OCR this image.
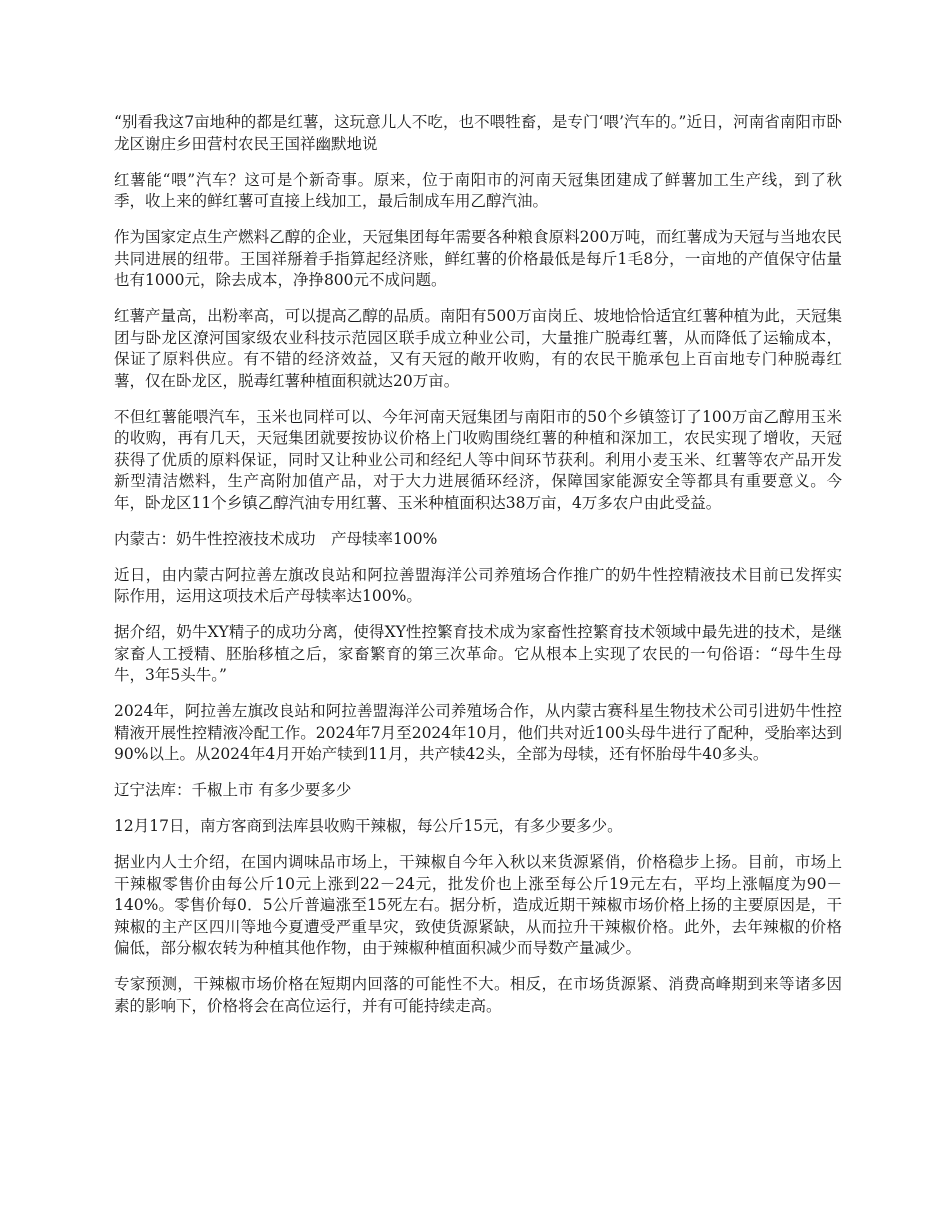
“别看我这7亩地种的都是红薯，这玩意儿人不吃，也不喂牲畜，是专门‘喂’汽车的。”近日，河南省南阳市卧龙区谢庄乡田营村农民王国祥幽默地说

红薯能“喂”汽车？这可是个新奇事。原来，位于南阳市的河南天冠集团建成了鲜薯加工生产线，到了秋季，收上来的鲜红薯可直接上线加工，最后制成车用乙醇汽油。

作为国家定点生产燃料乙醇的企业，天冠集团每年需要各种粮食原料200万吨，而红薯成为天冠与当地农民共同进展的纽带。王国祥掰着手指算起经济账，鲜红薯的价格最低是每斤1毛8分，一亩地的产值保守估量也有1000元，除去成本，净挣800元不成问题。

红薯产量高，出粉率高，可以提高乙醇的品质。南阳有500万亩岗丘、坡地恰恰适宜红薯种植为此，天冠集团与卧龙区潦河国家级农业科技示范园区联手成立种业公司，大量推广脱毒红薯，从而降低了运输成本，保证了原料供应。有不错的经济效益，又有天冠的敞开收购，有的农民干脆承包上百亩地专门种脱毒红薯，仅在卧龙区，脱毒红薯种植面积就达20万亩。

不但红薯能喂汽车，玉米也同样可以、今年河南天冠集团与南阳市的50个乡镇签订了100万亩乙醇用玉米的收购，再有几天，天冠集团就要按协议价格上门收购围绕红薯的种植和深加工，农民实现了增收，天冠获得了优质的原料保证，同时又让种业公司和经纪人等中间环节获利。利用小麦玉米、红薯等农产品开发新型清洁燃料，生产高附加值产品，对于大力进展循环经济，保障国家能源安全等都具有重要意义。今年，卧龙区11个乡镇乙醇汽油专用红薯、玉米种植面积达38万亩，4万多农户由此受益。

内蒙古：奶牛性控液技术成功　产母犊率100%

近日，由内蒙古阿拉善左旗改良站和阿拉善盟海洋公司养殖场合作推广的奶牛性控精液技术目前已发挥实际作用，运用这项技术后产母犊率达100%。

据介绍，奶牛XY精子的成功分离，使得XY性控繁育技术成为家畜性控繁育技术领域中最先进的技术，是继家畜人工授精、胚胎移植之后，家畜繁育的第三次革命。它从根本上实现了农民的一句俗语：“母牛生母牛，3年5头牛。”

2024年，阿拉善左旗改良站和阿拉善盟海洋公司养殖场合作，从内蒙古赛科星生物技术公司引进奶牛性控精液开展性控精液冷配工作。2024年7月至2024年10月，他们共对近100头母牛进行了配种，受胎率达到90%以上。从2024年4月开始产犊到11月，共产犊42头，全部为母犊，还有怀胎母牛40多头。

辽宁法库：千椒上市 有多少要多少

12月17日，南方客商到法库县收购干辣椒，每公斤15元，有多少要多少。

据业内人士介绍，在国内调味品市场上，干辣椒自今年入秋以来货源紧俏，价格稳步上扬。目前，市场上干辣椒零售价由每公斤10元上涨到22－24元，批发价也上涨至每公斤19元左右，平均上涨幅度为90－140%。零售价每0．5公斤普遍涨至15死左右。据分析，造成近期干辣椒市场价格上扬的主要原因是，干辣椒的主产区四川等地今夏遭受严重旱灾，致使货源紧缺，从而拉升干辣椒价格。此外，去年辣椒的价格偏低，部分椒农转为种植其他作物，由于辣椒种植面积减少而导数产量减少。

专家预测，干辣椒市场价格在短期内回落的可能性不大。相反，在市场货源紧、消费高峰期到来等诸多因素的影响下，价格将会在高位运行，并有可能持续走高。
